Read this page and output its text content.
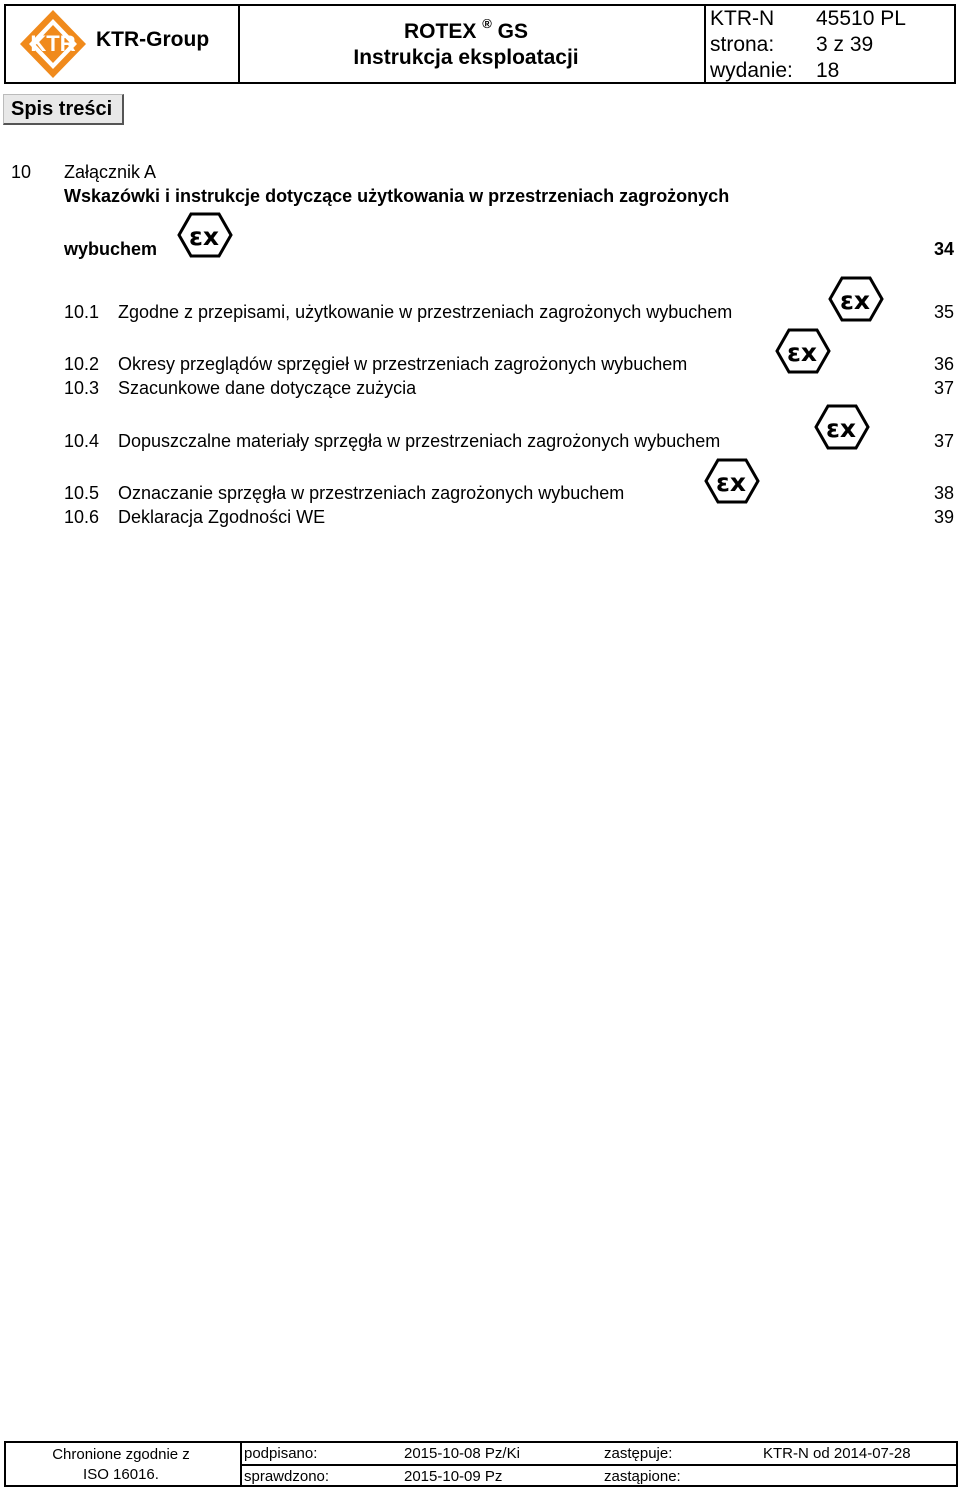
KTR KTR-Group	ROTEX ® GS
Instrukcja eksploatacji
KTR-N 45510 PL
strona: 3 z 39
wydanie: 18
Spis treści
10 Załącznik A
Wskazówki i instrukcje dotyczące użytkowania w przestrzeniach zagrożonych
wybuchem	34
10.1 Zgodne z przepisami, użytkowanie w przestrzeniach zagrożonych wybuchem	35
10.2 Okresy przeglądów sprzęgieł w przestrzeniach zagrożonych wybuchem	36
10.3 Szacunkowe dane dotyczące zużycia	37
10.4 Dopuszczalne materiały sprzęgła w przestrzeniach zagrożonych wybuchem	37
10.5 Oznaczanie sprzęgła w przestrzeniach zagrożonych wybuchem	38
10.6 Deklaracja Zgodności WE	39
Chronione zgodnie z
ISO 16016.
podpisano:	2015-10-08 Pz/Ki	zastępuje:	KTR-N od 2014-07-28
sprawdzono:	2015-10-09 Pz	zastąpione:
